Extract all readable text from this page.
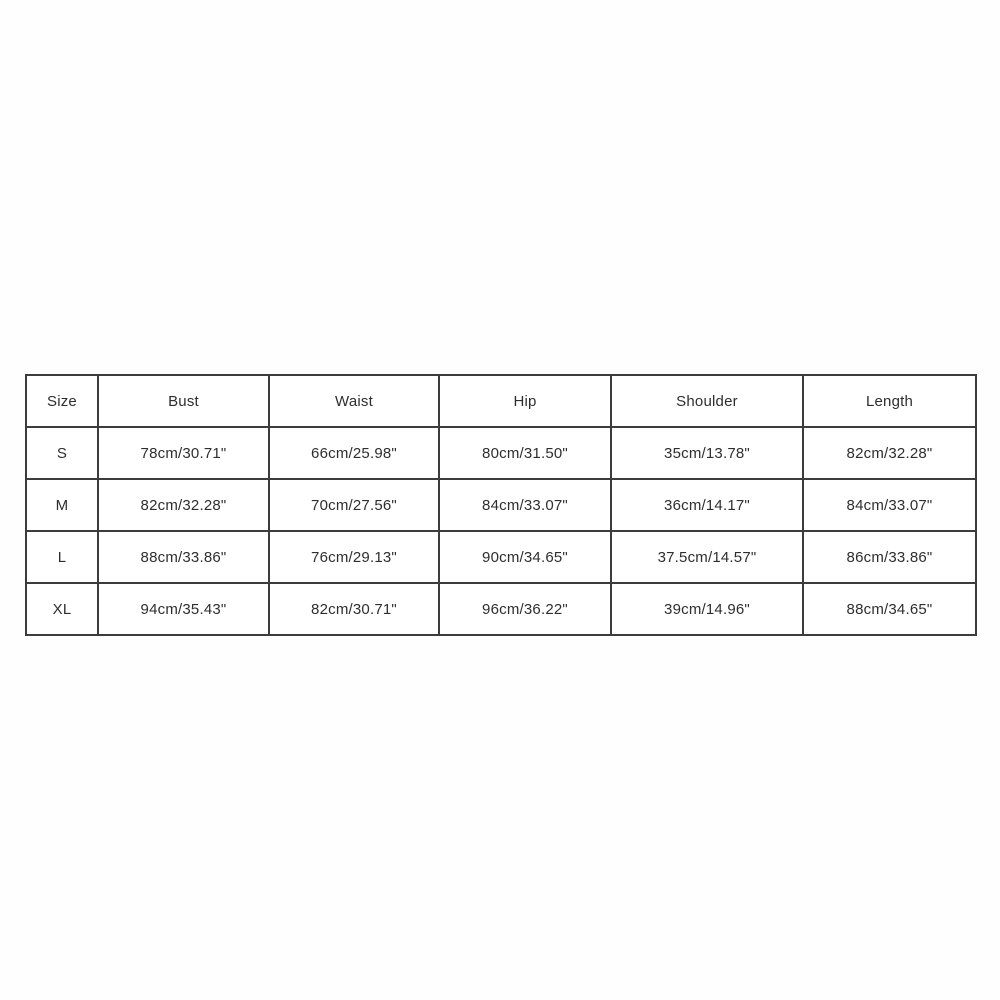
Size	Bust	Waist	Hip	Shoulder	Length
S	78cm/30.71"	66cm/25.98"	80cm/31.50"	35cm/13.78"	82cm/32.28"
M	82cm/32.28"	70cm/27.56"	84cm/33.07"	36cm/14.17"	84cm/33.07"
L	88cm/33.86"	76cm/29.13"	90cm/34.65"	37.5cm/14.57"	86cm/33.86"
XL	94cm/35.43"	82cm/30.71"	96cm/36.22"	39cm/14.96"	88cm/34.65"
